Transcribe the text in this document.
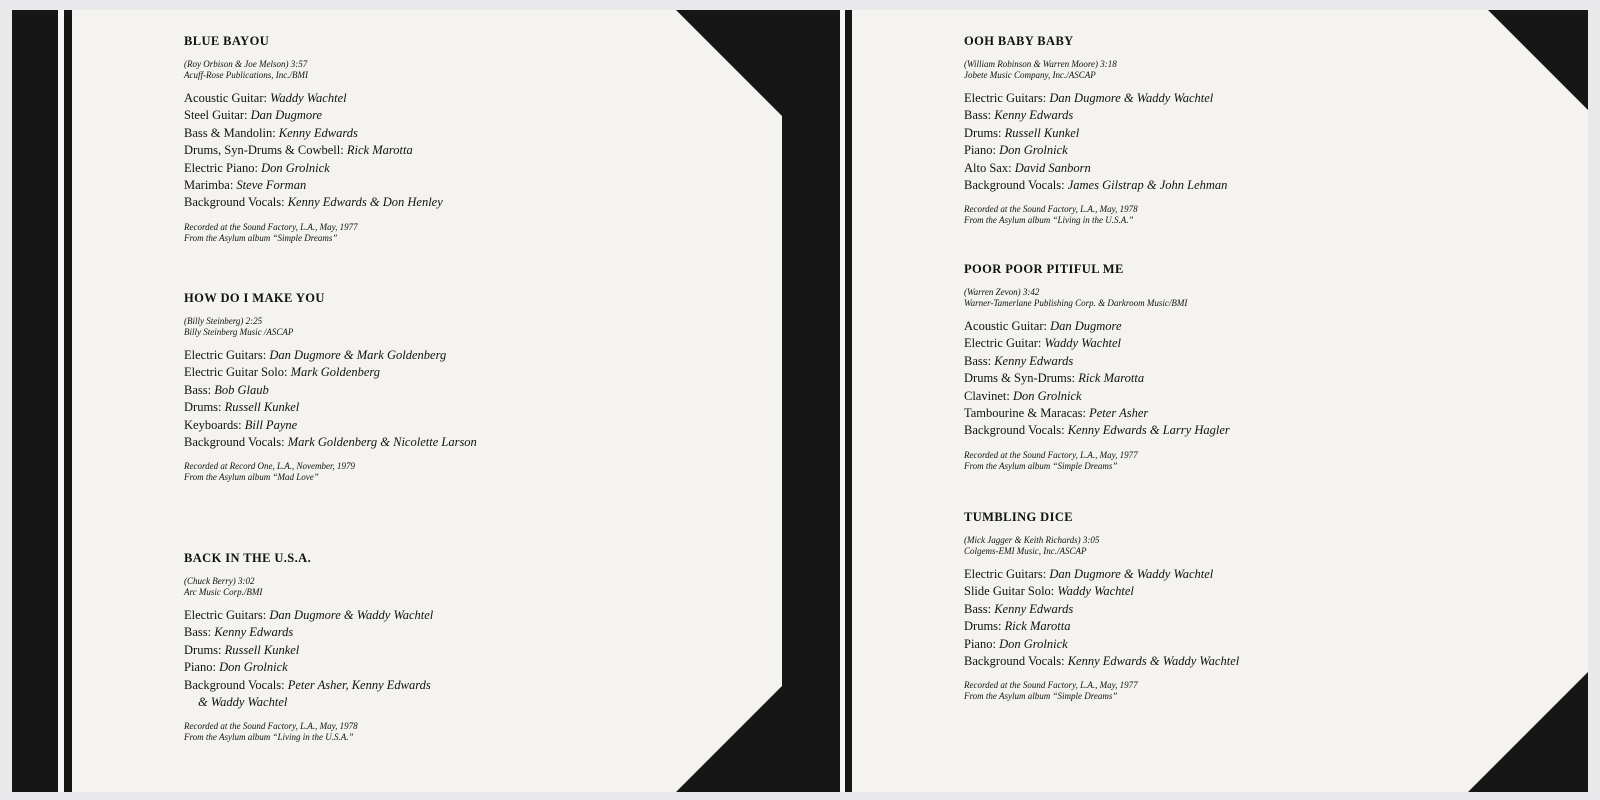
BLUE BAYOU

(Roy Orbison & Joe Melson) 3:57

Acuff-Rose Publications, Inc./BMI

Acoustic Guitar: Waddy Wachtel
Steel Guitar: Dan Dugmore
Bass & Mandolin: Kenny Edwards
Drums, Syn-Drums & Cowbell: Rick Marotta
Electric Piano: Don Grolnick
Marimba: Steve Forman
Background Vocals: Kenny Edwards & Don Henley

Recorded at the Sound Factory, L.A., May, 1977

From the Asylum album “Simple Dreams”

HOW DO I MAKE YOU

(Billy Steinberg) 2:25

Billy Steinberg Music /ASCAP

Electric Guitars: Dan Dugmore & Mark Goldenberg
Electric Guitar Solo: Mark Goldenberg
Bass: Bob Glaub
Drums: Russell Kunkel
Keyboards: Bill Payne
Background Vocals: Mark Goldenberg & Nicolette Larson

Recorded at Record One, L.A., November, 1979

From the Asylum album “Mad Love”

BACK IN THE U.S.A.

(Chuck Berry) 3:02

Arc Music Corp./BMI

Electric Guitars: Dan Dugmore & Waddy Wachtel
Bass: Kenny Edwards
Drums: Russell Kunkel
Piano: Don Grolnick
Background Vocals: Peter Asher, Kenny Edwards
& Waddy Wachtel

Recorded at the Sound Factory, L.A., May, 1978

From the Asylum album “Living in the U.S.A.”

OOH BABY BABY

(William Robinson & Warren Moore) 3:18

Jobete Music Company, Inc./ASCAP

Electric Guitars: Dan Dugmore & Waddy Wachtel
Bass: Kenny Edwards
Drums: Russell Kunkel
Piano: Don Grolnick
Alto Sax: David Sanborn
Background Vocals: James Gilstrap & John Lehman

Recorded at the Sound Factory, L.A., May, 1978

From the Asylum album “Living in the U.S.A.”

POOR POOR PITIFUL ME

(Warren Zevon) 3:42

Warner-Tamerlane Publishing Corp. & Darkroom Music/BMI

Acoustic Guitar: Dan Dugmore
Electric Guitar: Waddy Wachtel
Bass: Kenny Edwards
Drums & Syn-Drums: Rick Marotta
Clavinet: Don Grolnick
Tambourine & Maracas: Peter Asher
Background Vocals: Kenny Edwards & Larry Hagler

Recorded at the Sound Factory, L.A., May, 1977

From the Asylum album “Simple Dreams”

TUMBLING DICE

(Mick Jagger & Keith Richards) 3:05

Colgems-EMI Music, Inc./ASCAP

Electric Guitars: Dan Dugmore & Waddy Wachtel
Slide Guitar Solo: Waddy Wachtel
Bass: Kenny Edwards
Drums: Rick Marotta
Piano: Don Grolnick
Background Vocals: Kenny Edwards & Waddy Wachtel

Recorded at the Sound Factory, L.A., May, 1977

From the Asylum album “Simple Dreams”
